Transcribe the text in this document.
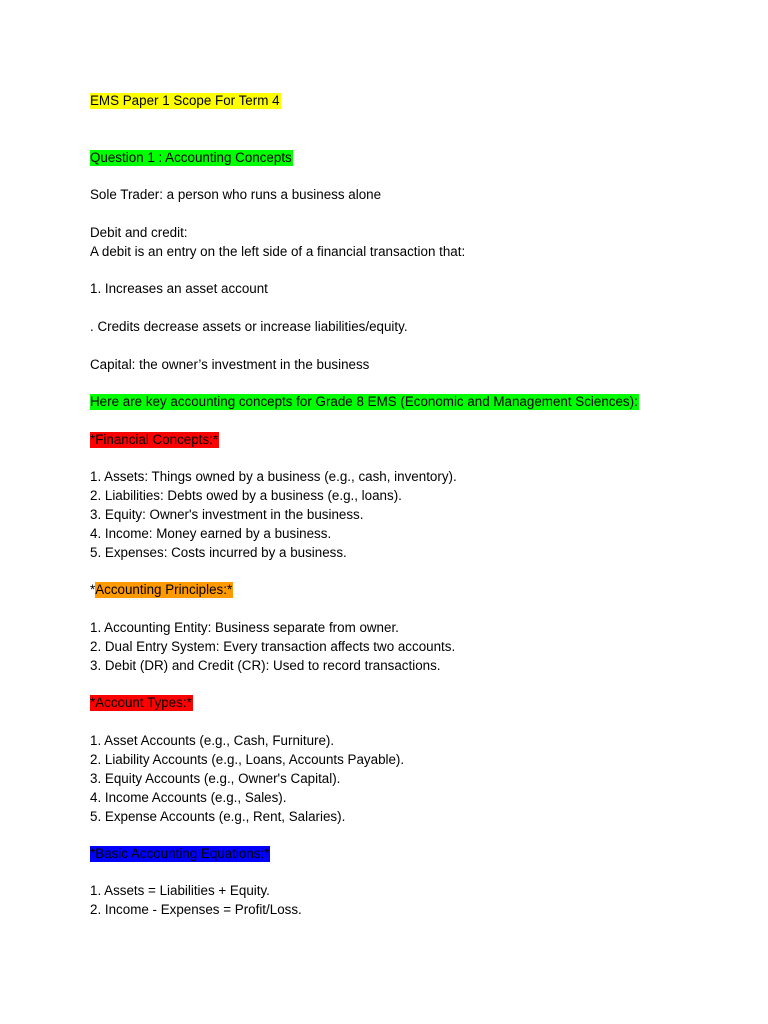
EMS Paper 1 Scope For Term 4
Question 1 : Accounting Concepts
Sole Trader: a person who runs a business alone
Debit and credit:
A debit is an entry on the left side of a financial transaction that:
1. Increases an asset account
. Credits decrease assets or increase liabilities/equity.
Capital: the owner’s investment in the business
Here are key accounting concepts for Grade 8 EMS (Economic and Management Sciences):
*Financial Concepts:*
1. Assets: Things owned by a business (e.g., cash, inventory).
2. Liabilities: Debts owed by a business (e.g., loans).
3. Equity: Owner's investment in the business.
4. Income: Money earned by a business.
5. Expenses: Costs incurred by a business.
*Accounting Principles:*
1. Accounting Entity: Business separate from owner.
2. Dual Entry System: Every transaction affects two accounts.
3. Debit (DR) and Credit (CR): Used to record transactions.
*Account Types:*
1. Asset Accounts (e.g., Cash, Furniture).
2. Liability Accounts (e.g., Loans, Accounts Payable).
3. Equity Accounts (e.g., Owner's Capital).
4. Income Accounts (e.g., Sales).
5. Expense Accounts (e.g., Rent, Salaries).
*Basic Accounting Equations:*
1. Assets = Liabilities + Equity.
2. Income - Expenses = Profit/Loss.
